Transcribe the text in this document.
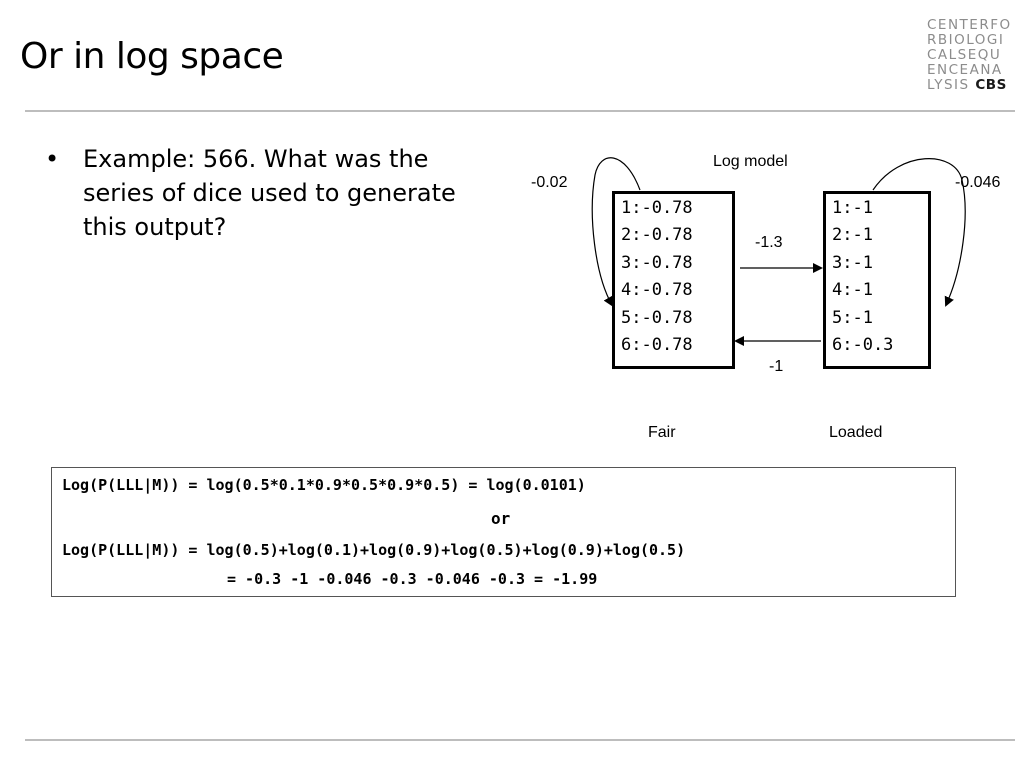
Or in log space
CENTERFO
RBIOLOGI
CALSEQU
ENCEANA
LYSIS CBS
• Example: 566. What was the series of dice used to generate this output?
Log model
-0.02	-0.046
-1.3
-1
1:-0.78
2:-0.78
3:-0.78
4:-0.78
5:-0.78
6:-0.78
1:-1
2:-1
3:-1
4:-1
5:-1
6:-0.3
Fair	Loaded
Log(P(LLL|M)) = log(0.5*0.1*0.9*0.5*0.9*0.5) = log(0.0101)
or
Log(P(LLL|M)) = log(0.5)+log(0.1)+log(0.9)+log(0.5)+log(0.9)+log(0.5)
= -0.3 -1 -0.046 -0.3 -0.046 -0.3 = -1.99
